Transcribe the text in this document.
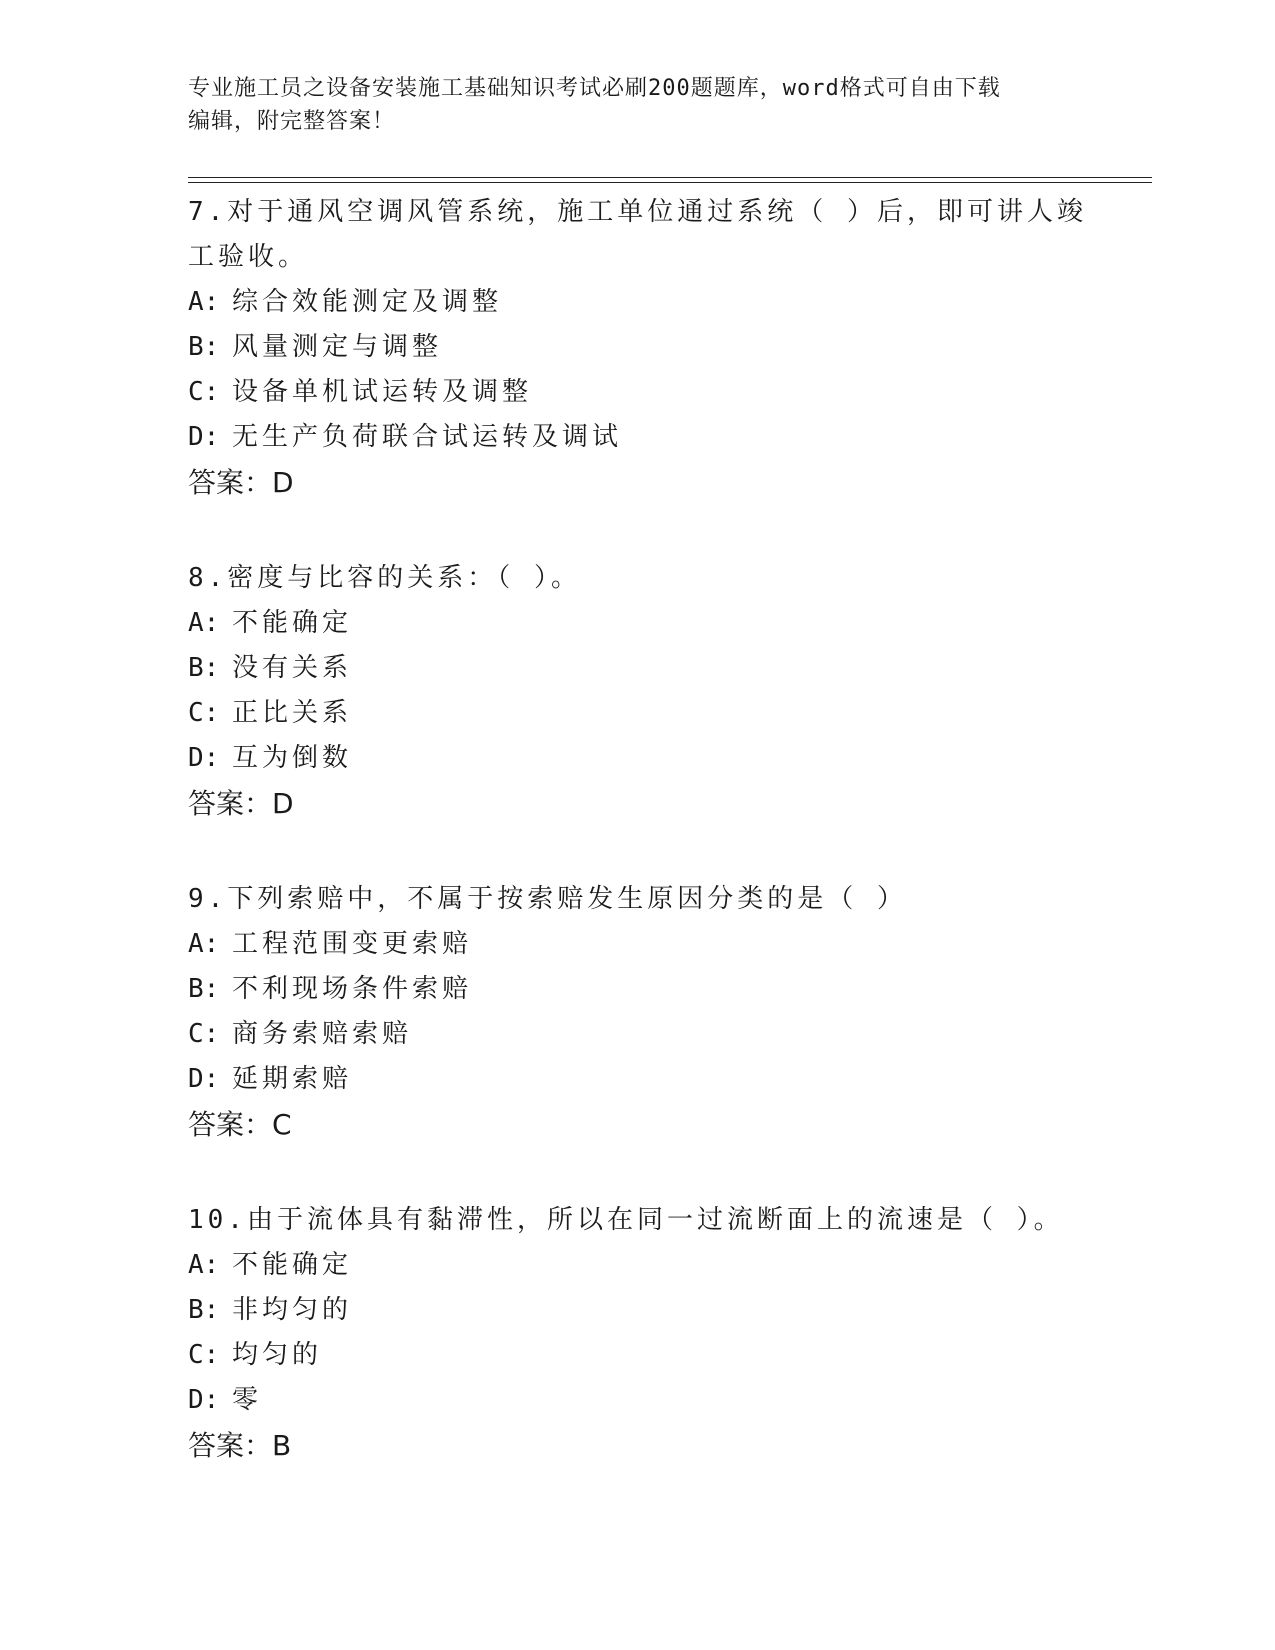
专业施工员之设备安装施工基础知识考试必刷200题题库，word格式可自由下载
编辑，附完整答案！

7.对于通风空调风管系统，施工单位通过系统（ ）后，即可讲人竣工验收。

A: 综合效能测定及调整

B: 风量测定与调整

C: 设备单机试运转及调整

D: 无生产负荷联合试运转及调试

答案：D

8.密度与比容的关系：（ ）。

A: 不能确定

B: 没有关系

C: 正比关系

D: 互为倒数

答案：D

9.下列索赔中，不属于按索赔发生原因分类的是（ ）

A: 工程范围变更索赔

B: 不利现场条件索赔

C: 商务索赔索赔

D: 延期索赔

答案：C

10.由于流体具有黏滞性，所以在同一过流断面上的流速是（ ）。

A: 不能确定

B: 非均匀的

C: 均匀的

D: 零

答案：B
